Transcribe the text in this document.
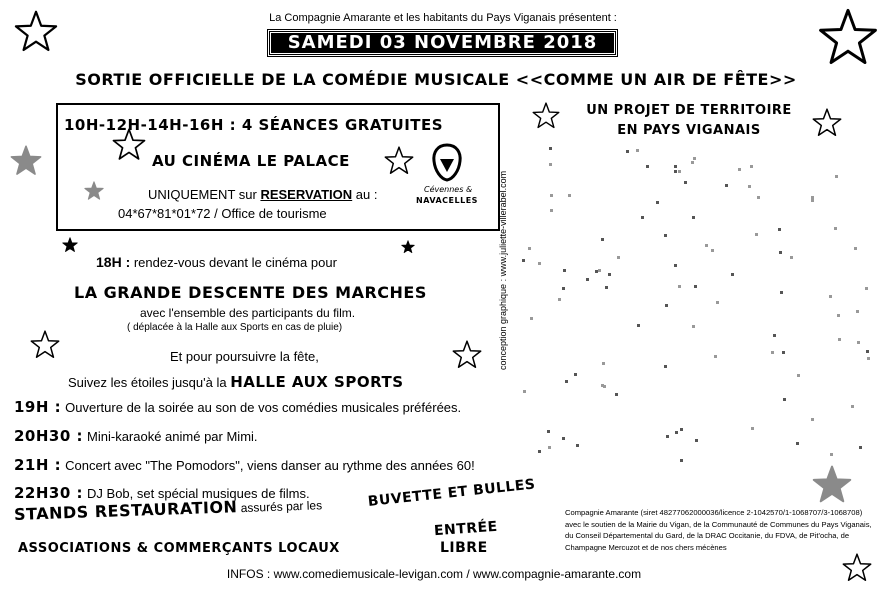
La Compagnie Amarante et les habitants du Pays Viganais présentent :
SAMEDI 03 NOVEMBRE 2018
SORTIE OFFICIELLE DE LA COMÉDIE MUSICALE <<COMME UN AIR DE FÊTE>>
10H-12H-14H-16H : 4 SÉANCES GRATUITES
AU CINÉMA LE PALACE
UNIQUEMENT sur RESERVATION au :
04*67*81*01*72 / Office de tourisme
Cévennes &
NAVACELLES conception graphique : www.juliette-villerabel.com
UN PROJET DE TERRITOIRE
EN PAYS VIGANAIS
18H : rendez-vous devant le cinéma pour
LA GRANDE DESCENTE DES MARCHES
avec l'ensemble des participants du film.
( déplacée à la Halle aux Sports en cas de pluie)
Et pour poursuivre la fête,
Suivez les étoiles jusqu'à la HALLE AUX SPORTS
19H : Ouverture de la soirée au son de vos comédies musicales préférées.
20H30 : Mini-karaoké animé par Mimi.
21H : Concert avec "The Pomodors", viens danser au rythme des années 60!
22H30 : DJ Bob, set spécial musiques de films.
STANDS RESTAURATION assurés par les
ASSOCIATIONS & COMMERÇANTS LOCAUX
BUVETTE ET BULLES
ENTRÉE
LIBRE
Compagnie Amarante (siret 48277062000036/licence 2-1042570/1-1068707/3-1068708) avec le soutien de la Mairie du Vigan, de la Communauté de Communes du Pays Viganais, du Conseil Départemental du Gard, de la DRAC Occitanie, du FDVA, de Pit'ocha, de Champagne Mercuzot et de nos chers mécènes
INFOS : www.comediemusicale-levigan.com / www.compagnie-amarante.com
